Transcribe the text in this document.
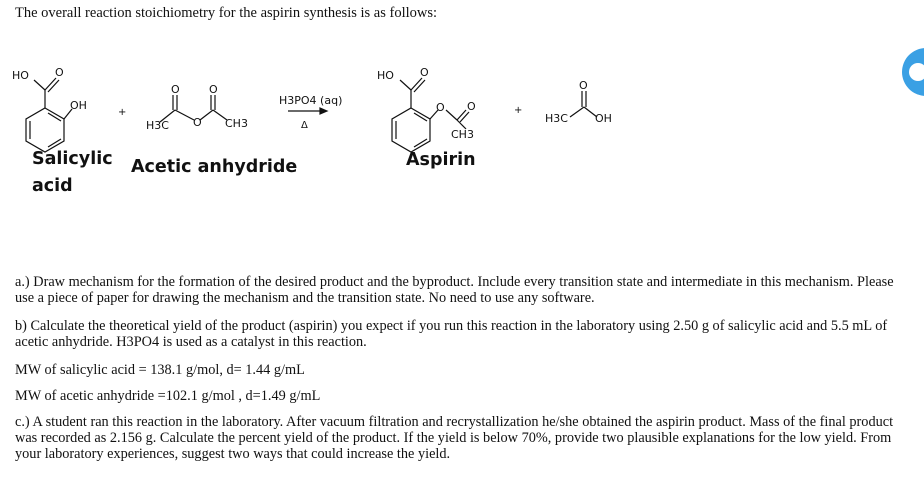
The overall reaction stoichiometry for the aspirin synthesis is as follows:
HO O
OH
+
H3C
O
O
O
CH3
H3PO4 (aq)
Δ
HO O
O O
CH3
+
H3C
O
OH
Salicylic
acid
Acetic anhydride	Aspirin
a.) Draw mechanism for the formation of the desired product and the byproduct. Include every transition state and intermediate in this mechanism. Please use a piece of paper for drawing the mechanism and the transition state. No need to use any software.
b) Calculate the theoretical yield of the product (aspirin) you expect if you run this reaction in the laboratory using 2.50 g of salicylic acid and 5.5 mL of acetic anhydride. H3PO4 is used as a catalyst in this reaction.
MW of salicylic acid = 138.1 g/mol, d= 1.44 g/mL
MW of acetic anhydride =102.1 g/mol , d=1.49 g/mL
c.) A student ran this reaction in the laboratory. After vacuum filtration and recrystallization he/she obtained the aspirin product. Mass of the final product was recorded as 2.156 g. Calculate the percent yield of the product. If the yield is below 70%, provide two plausible explanations for the low yield. From your laboratory experiences, suggest two ways that could increase the yield.
